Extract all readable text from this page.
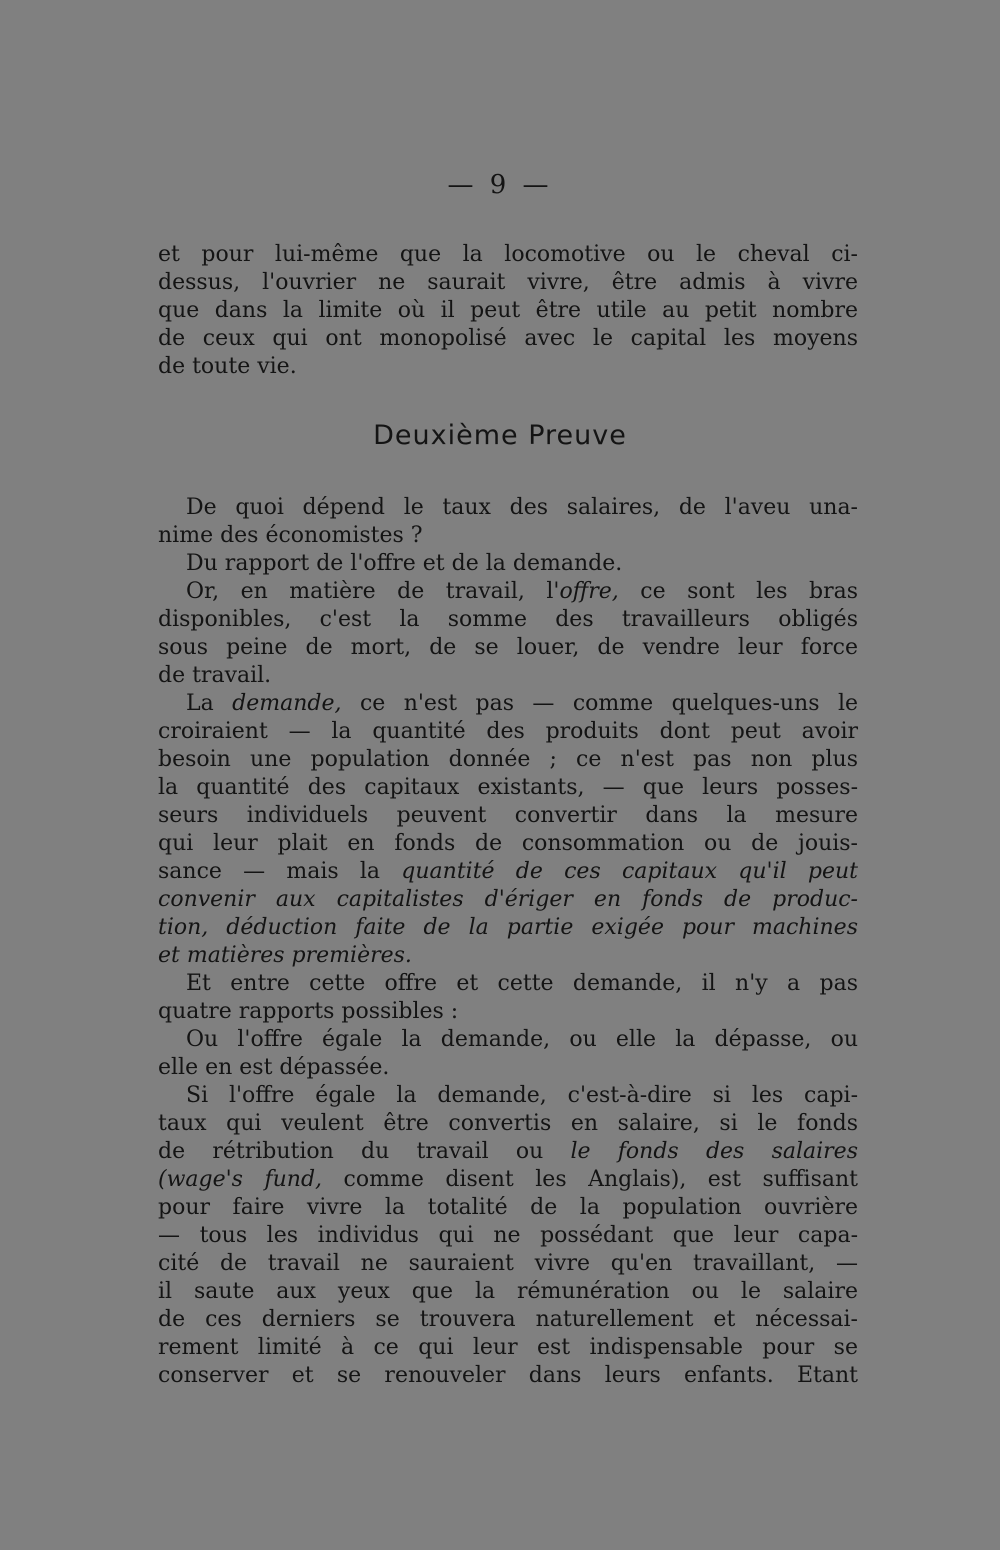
— 9 —
et pour lui-même que la locomotive ou le cheval ci-
dessus, l'ouvrier ne saurait vivre, être admis à vivre
que dans la limite où il peut être utile au petit nombre
de ceux qui ont monopolisé avec le capital les moyens
de toute vie.
Deuxième Preuve
De quoi dépend le taux des salaires, de l'aveu una-
nime des économistes ?
Du rapport de l'offre et de la demande.
Or, en matière de travail, l'offre, ce sont les bras
disponibles, c'est la somme des travailleurs obligés
sous peine de mort, de se louer, de vendre leur force
de travail.
La demande, ce n'est pas — comme quelques-uns le
croiraient — la quantité des produits dont peut avoir
besoin une population donnée ; ce n'est pas non plus
la quantité des capitaux existants, — que leurs posses-
seurs individuels peuvent convertir dans la mesure
qui leur plait en fonds de consommation ou de jouis-
sance — mais la quantité de ces capitaux qu'il peut
convenir aux capitalistes d'ériger en fonds de produc-
tion, déduction faite de la partie exigée pour machines
et matières premières.
Et entre cette offre et cette demande, il n'y a pas
quatre rapports possibles :
Ou l'offre égale la demande, ou elle la dépasse, ou
elle en est dépassée.
Si l'offre égale la demande, c'est-à-dire si les capi-
taux qui veulent être convertis en salaire, si le fonds
de rétribution du travail ou le fonds des salaires
(wage's fund, comme disent les Anglais), est suffisant
pour faire vivre la totalité de la population ouvrière
— tous les individus qui ne possédant que leur capa-
cité de travail ne sauraient vivre qu'en travaillant, —
il saute aux yeux que la rémunération ou le salaire
de ces derniers se trouvera naturellement et nécessai-
rement limité à ce qui leur est indispensable pour se
conserver et se renouveler dans leurs enfants. Etant
